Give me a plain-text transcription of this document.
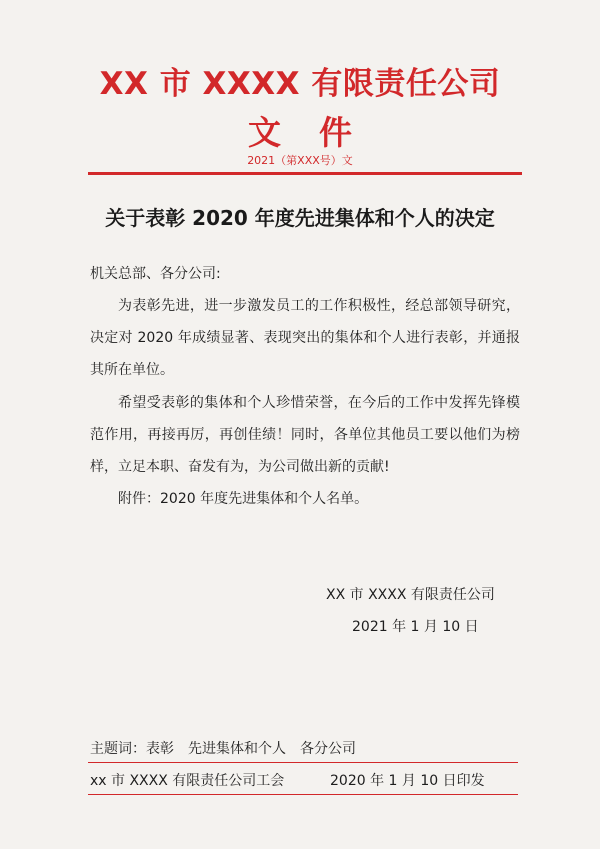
XX 市 XXXX 有限责任公司
文件
2021（第XXX号）文
关于表彰 2020 年度先进集体和个人的决定
机关总部、各分公司:
为表彰先进，进一步激发员工的工作积极性，经总部领导研究，决定对 2020 年成绩显著、表现突出的集体和个人进行表彰，并通报其所在单位。
希望受表彰的集体和个人珍惜荣誉，在今后的工作中发挥先锋模范作用，再接再厉，再创佳绩！同时，各单位其他员工要以他们为榜样，立足本职、奋发有为，为公司做出新的贡献!
附件：2020 年度先进集体和个人名单。
XX 市 XXXX 有限责任公司
2021 年 1 月 10 日
主题词：表彰　先进集体和个人　各分公司
xx 市 XXXX 有限责任公司工会	2020 年 1 月 10 日印发
